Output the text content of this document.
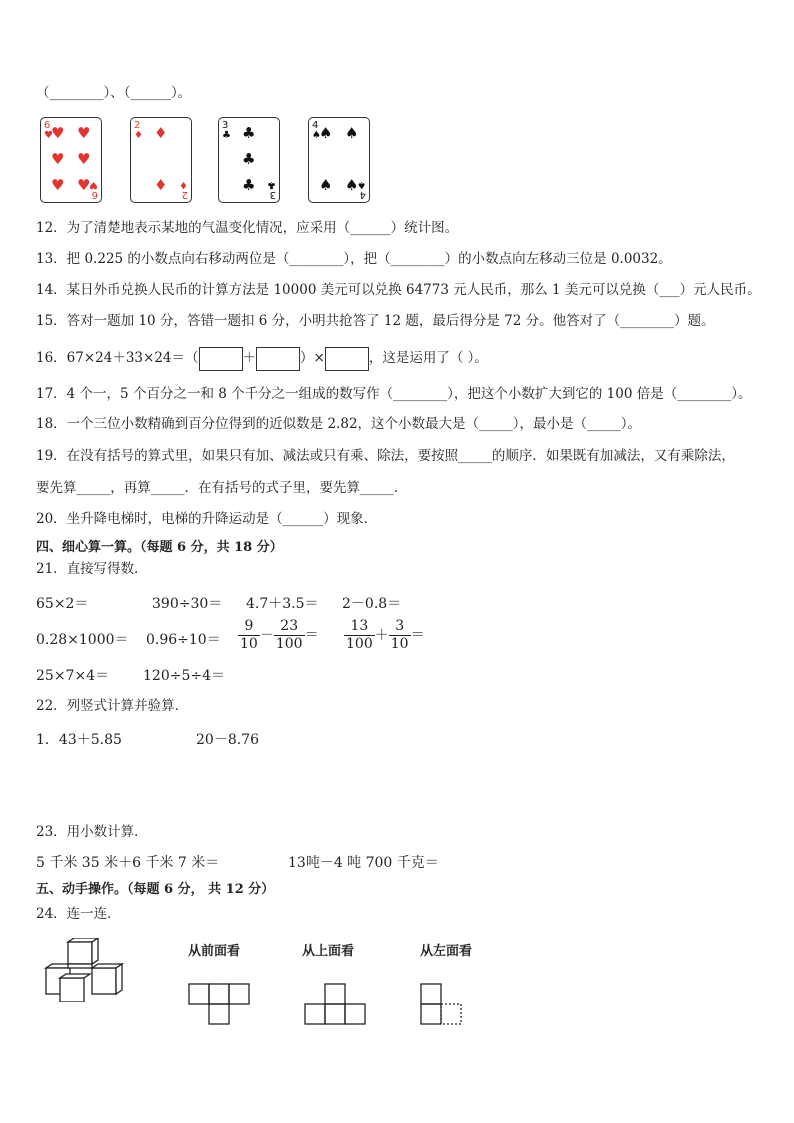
（________）、（______）。
6
♥
♥ ♥
♥ ♥
♥ ♥
6
♥
2
♦ ♦
♦
2
♦
3
♣ ♣
♣
♣
3
♣
4
♠
♠ ♠
♠ ♠
4
♠
12．为了清楚地表示某地的气温变化情况，应采用（______）统计图。
13．把 0.225 的小数点向右移动两位是（________），把（________）的小数点向左移动三位是 0.0032。
14．某日外币兑换人民币的计算方法是 10000 美元可以兑换 64773 元人民币，那么 1 美元可以兑换（___）元人民币。
15．答对一题加 10 分，答错一题扣 6 分，小明共抢答了 12 题，最后得分是 72 分。他答对了（________）题。
16．67×24＋33×24＝（	＋	）×	，这是运用了（ ）。
17．4 个一，5 个百分之一和 8 个千分之一组成的数写作（________），把这个小数扩大到它的 100 倍是（________）。
18．一个三位小数精确到百分位得到的近似数是 2.82，这个小数最大是（_____），最小是（_____）。
19．在没有括号的算式里，如果只有加、减法或只有乘、除法，要按照_____的顺序．如果既有加减法，又有乘除法，
要先算_____，再算_____．在有括号的式子里，要先算_____．
20．坐升降电梯时，电梯的升降运动是（______）现象．
四、细心算一算。（每题 6 分，共 18 分）
21．直接写得数．
65×2＝	390÷30＝ 4.7＋3.5＝ 2－0.8＝
$0.28\times 1000= 0.96\div 10= \frac{9}{10} - \frac{23}{100} = \frac{13}{100} + \frac{3}{10}$ ＝
25×7×4＝ 120÷5÷4＝
22．列竖式计算并验算．
1．43＋5.85	20－8.76
23．用小数计算．
5 千米 35 米＋6 千米 7 米＝	13吨－4 吨 700 千克＝
五、动手操作。（每题 6 分， 共 12 分）
24．连一连．
从前面看	从上面看	从左面看
